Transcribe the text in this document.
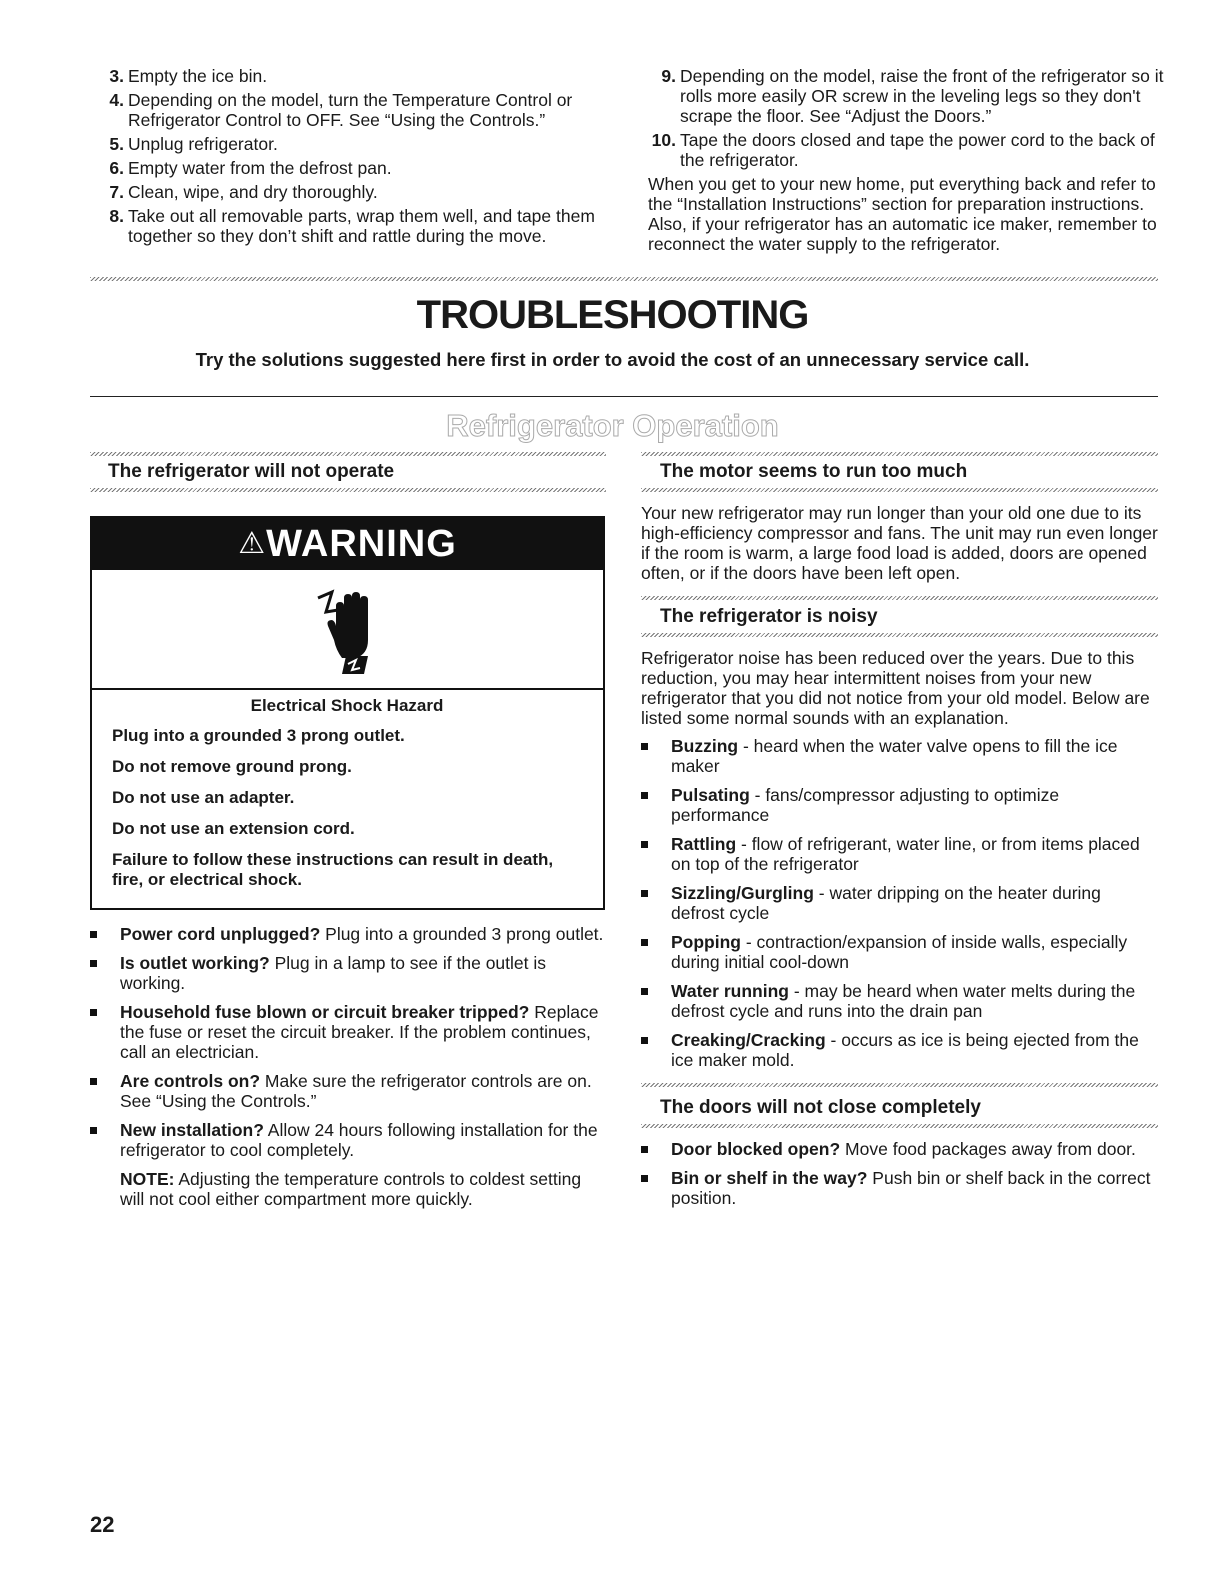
3. Empty the ice bin.
4. Depending on the model, turn the Temperature Control or Refrigerator Control to OFF. See “Using the Controls.”
5. Unplug refrigerator.
6. Empty water from the defrost pan.
7. Clean, wipe, and dry thoroughly.
8. Take out all removable parts, wrap them well, and tape them together so they don’t shift and rattle during the move.
9. Depending on the model, raise the front of the refrigerator so it rolls more easily OR screw in the leveling legs so they don't scrape the floor. See “Adjust the Doors.”
10. Tape the doors closed and tape the power cord to the back of the refrigerator.

When you get to your new home, put everything back and refer to the “Installation Instructions” section for preparation instructions. Also, if your refrigerator has an automatic ice maker, remember to reconnect the water supply to the refrigerator.

TROUBLESHOOTING

Try the solutions suggested here first in order to avoid the cost of an unnecessary service call.

Refrigerator Operation
The refrigerator will not operate
⚠WARNING

Electrical Shock Hazard

Plug into a grounded 3 prong outlet.

Do not remove ground prong.

Do not use an adapter.

Do not use an extension cord.

Failure to follow these instructions can result in death, fire, or electrical shock.

Power cord unplugged? Plug into a grounded 3 prong outlet.
Is outlet working? Plug in a lamp to see if the outlet is working.
Household fuse blown or circuit breaker tripped? Replace the fuse or reset the circuit breaker. If the problem continues, call an electrician.
Are controls on? Make sure the refrigerator controls are on. See “Using the Controls.”
New installation? Allow 24 hours following installation for the refrigerator to cool completely.

NOTE: Adjusting the temperature controls to coldest setting will not cool either compartment more quickly.

The motor seems to run too much

Your new refrigerator may run longer than your old one due to its high-efficiency compressor and fans. The unit may run even longer if the room is warm, a large food load is added, doors are opened often, or if the doors have been left open.

The refrigerator is noisy

Refrigerator noise has been reduced over the years. Due to this reduction, you may hear intermittent noises from your new refrigerator that you did not notice from your old model. Below are listed some normal sounds with an explanation.

Buzzing - heard when the water valve opens to fill the ice maker
Pulsating - fans/compressor adjusting to optimize performance
Rattling - flow of refrigerant, water line, or from items placed on top of the refrigerator
Sizzling/Gurgling - water dripping on the heater during defrost cycle
Popping - contraction/expansion of inside walls, especially during initial cool-down
Water running - may be heard when water melts during the defrost cycle and runs into the drain pan
Creaking/Cracking - occurs as ice is being ejected from the ice maker mold.
The doors will not close completely
Door blocked open? Move food packages away from door.
Bin or shelf in the way? Push bin or shelf back in the correct position.
22
